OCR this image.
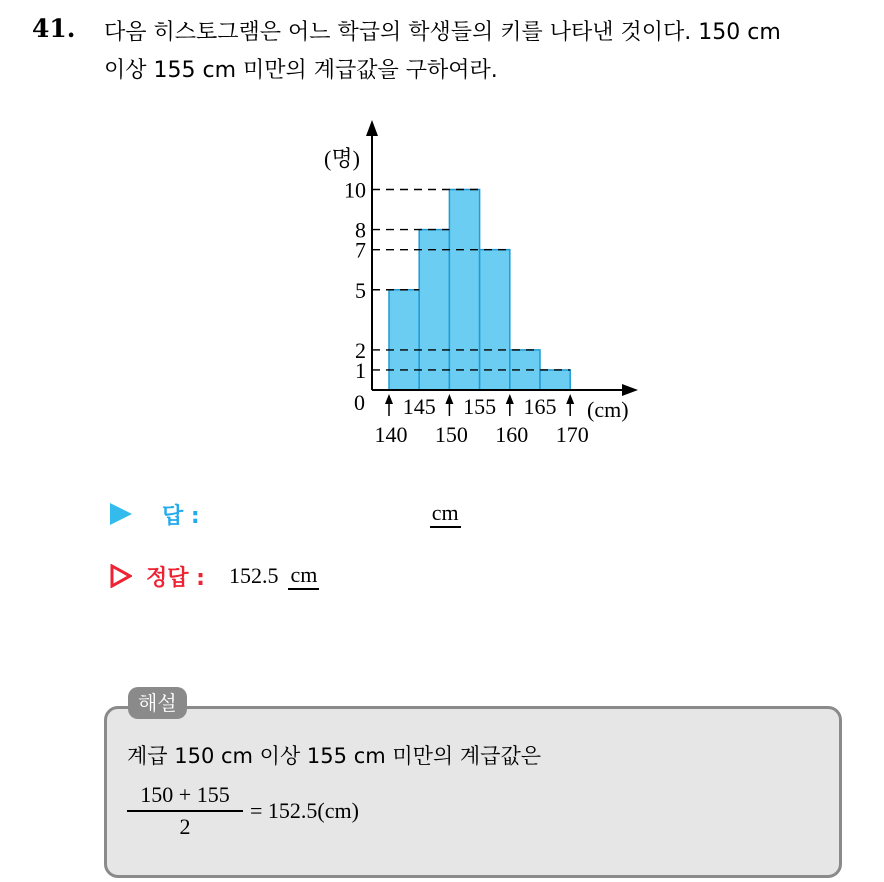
41. 다음 히스토그램은 어느 학급의 학생들의 키를 나타낸 것이다. 150 cm
이상 155 cm 미만의 계급값을 구하여라.
1
2
5
7
8
10
(명)
(cm)
0 145 155 165
140 150 160 170
답 :	cm
정답 : 152.5 cm
해설
계급 150 cm 이상 155 cm 미만의 계급값은
$\frac{150 + 155}{2} = 152.5(cm)$
